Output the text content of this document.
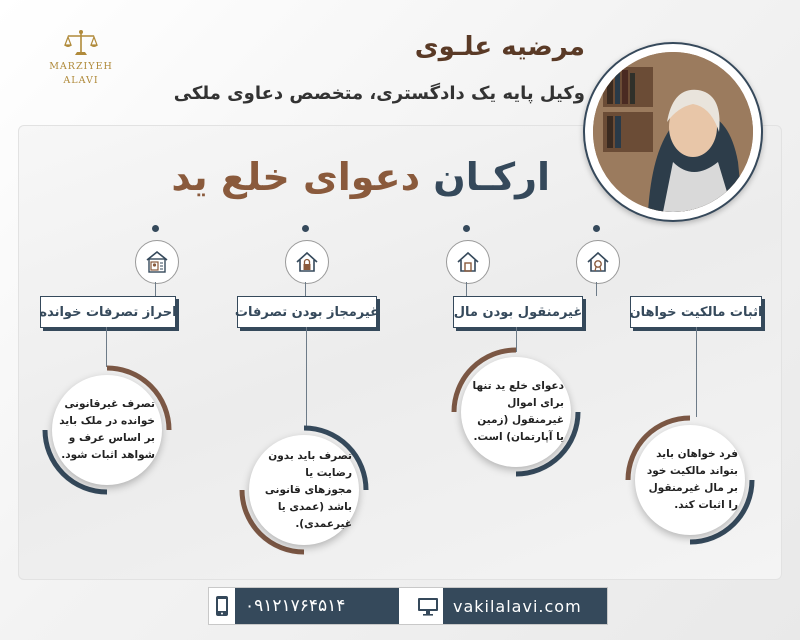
MARZIYEH
ALAVI
مرضیه علـوی
وکیل پایه یک دادگستری، متخصص دعاوی ملکی
ارکـان دعوای خلع ید
اثبات مالکیت خواهان
فرد خواهان باید بتواند مالکیت خود بر مال غیرمنقول را اثبات کند.
غیرمنقول بودن مال
دعوای خلع ید تنها برای اموال غیرمنقول (زمین یا آپارتمان) است.
غیرمجاز بودن تصرفات
تصرف باید بدون رضایت یا مجوزهای قانونی باشد (عمدی یا غیرعمدی).
احراز تصرفات خوانده
تصرف غیرقانونی خوانده در ملک باید بر اساس عرف و شواهد اثبات شود.
۰۹۱۲۱۷۶۴۵۱۴	vakilalavi.com
